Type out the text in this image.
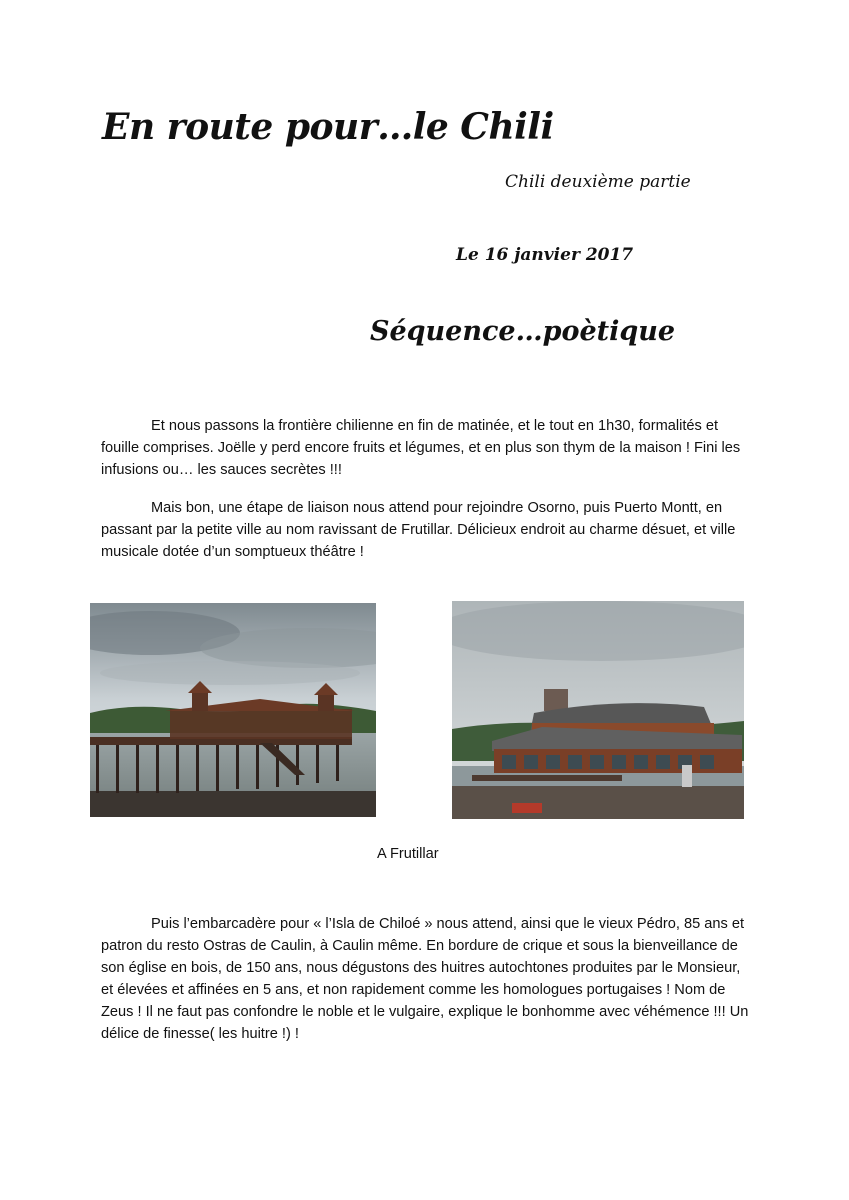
En route pour…le Chili
Chili deuxième partie
Le 16 janvier 2017
Séquence…poètique

Et nous passons la frontière chilienne en fin de matinée, et le tout en 1h30, formalités et fouille comprises. Joëlle y perd encore fruits et légumes, et en plus son thym de la maison ! Fini les infusions ou… les sauces secrètes !!!

Mais bon, une étape de liaison nous attend pour rejoindre Osorno, puis Puerto Montt, en passant par la petite ville au nom ravissant de Frutillar. Délicieux endroit au charme désuet, et ville musicale dotée d’un somptueux théâtre !

A Frutillar

Puis l’embarcadère pour « l’Isla de Chiloé » nous attend, ainsi que le vieux Pédro, 85 ans et patron du resto Ostras de Caulin, à Caulin même. En bordure de crique et sous la bienveillance de son église en bois, de 150 ans, nous dégustons des huitres autochtones produites par le Monsieur, et élevées et affinées en 5 ans, et non rapidement comme les homologues portugaises ! Nom de Zeus ! Il ne faut pas confondre le noble et le vulgaire, explique le bonhomme avec véhémence !!! Un délice de finesse( les huitre !) !
